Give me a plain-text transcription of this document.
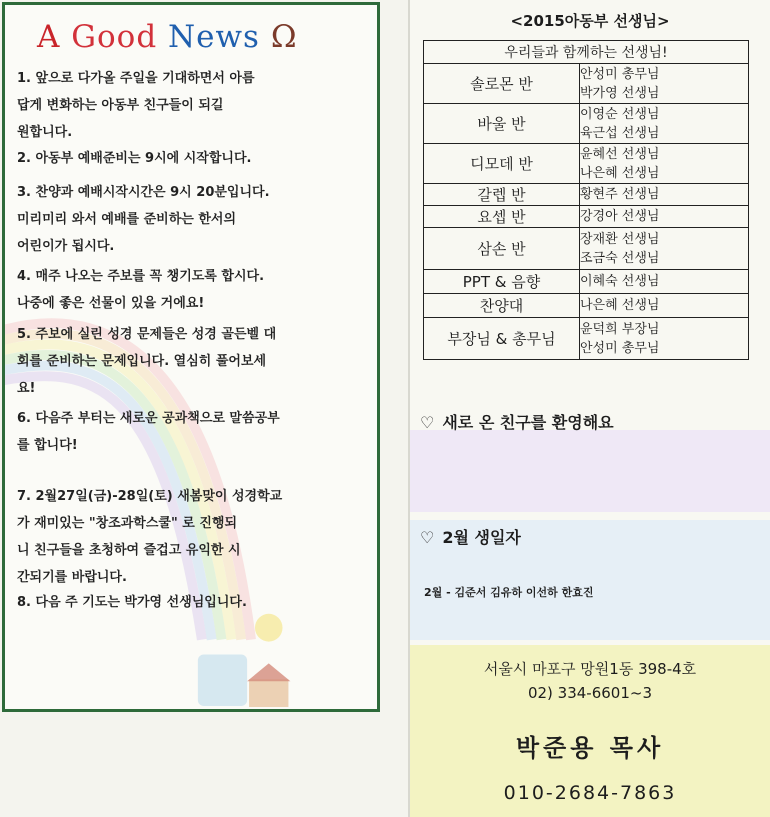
A Good News Ω
1. 앞으로 다가올 주일을 기대하면서 아름
답게 변화하는 아동부 친구들이 되길
원합니다.
2. 아동부 예배준비는 9시에 시작합니다.
3. 찬양과 예배시작시간은 9시 20분입니다.
미리미리 와서 예배를 준비하는 한서의
어린이가 됩시다.
4. 매주 나오는 주보를 꼭 챙기도록 합시다.
나중에 좋은 선물이 있을 거에요!
5. 주보에 실린 성경 문제들은 성경 골든벨 대
회를 준비하는 문제입니다. 열심히 풀어보세
요!
6. 다음주 부터는 새로운 공과책으로 말씀공부
를 합니다!
7. 2월27일(금)-28일(토) 새봄맞이 성경학교
가 재미있는 "창조과학스쿨" 로 진행되
니 친구들을 초청하여 즐겁고 유익한 시
간되기를 바랍니다.
8. 다음 주 기도는 박가영 선생님입니다.
<2015아동부 선생님>
우리들과 함께하는 선생님!	
솔로몬 반	안성미 총무님
박가영 선생님

바울 반	이영순 선생님
육근섭 선생님

디모데 반	윤혜선 선생님
나은혜 선생님

갈렙 반	황현주 선생님

요셉 반	강경아 선생님

삼손 반	장재환 선생님
조금숙 선생님

PPT & 음향	이혜숙 선생님

찬양대	나은혜 선생님

부장님 & 총무님	윤덕희 부장님
안성미 총무님
♡ 새로 온 친구를 환영해요
♡ 2월 생일자
2월 - 김준서 김유하 이선하 한효진
서울시 마포구 망원1동 398-4호
02) 334-6601~3
박준용 목사
010-2684-7863
